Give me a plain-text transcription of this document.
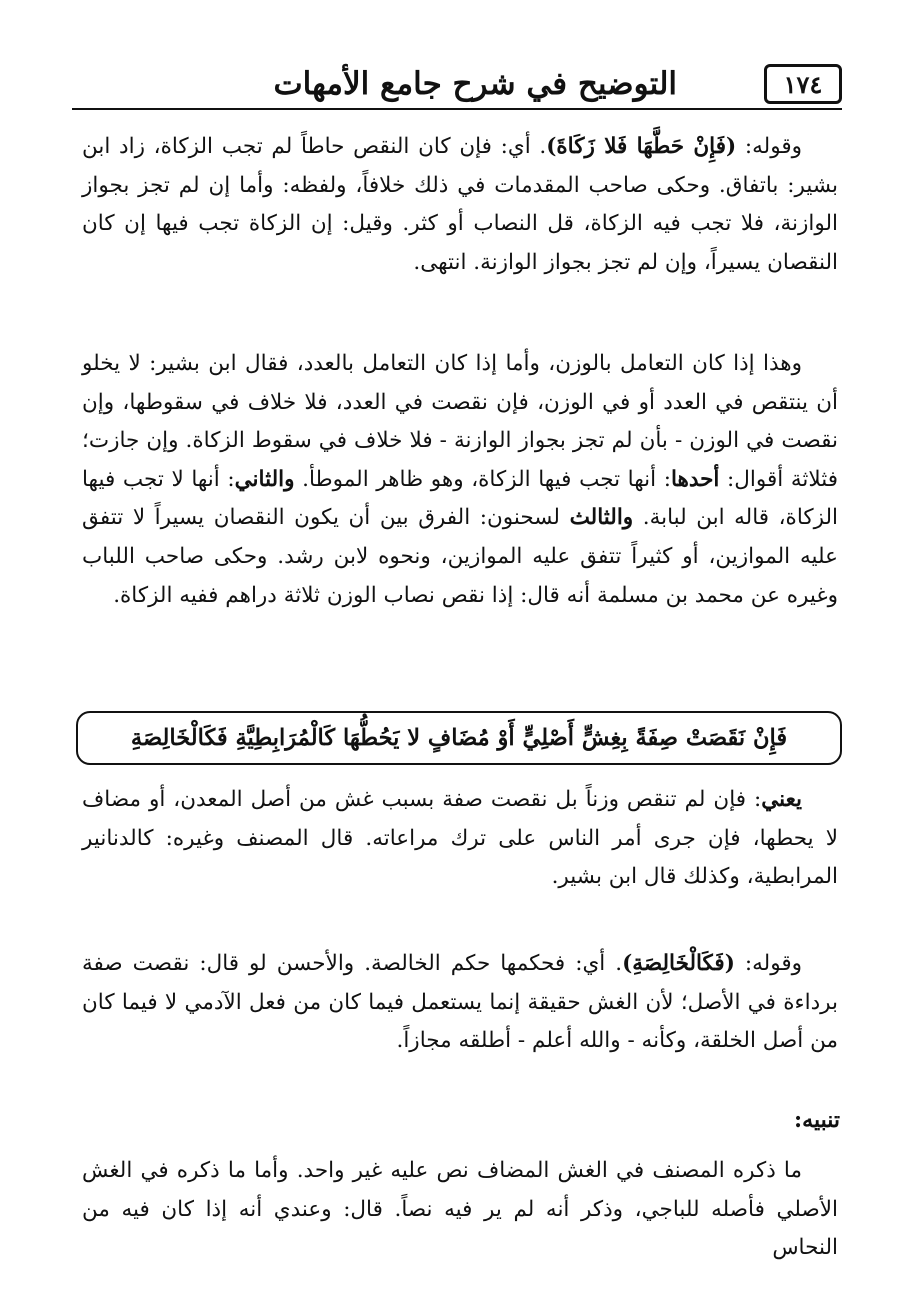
التوضيح في شرح جامع الأمهات	١٧٤

وقوله: (فَإِنْ حَطَّهَا فَلا زَكَاةَ). أي: فإن كان النقص حاطاً لم تجب الزكاة، زاد ابن بشير: باتفاق. وحكى صاحب المقدمات في ذلك خلافاً، ولفظه: وأما إن لم تجز بجواز الوازنة، فلا تجب فيه الزكاة، قل النصاب أو كثر. وقيل: إن الزكاة تجب فيها إن كان النقصان يسيراً، وإن لم تجز بجواز الوازنة. انتهى.

وهذا إذا كان التعامل بالوزن، وأما إذا كان التعامل بالعدد، فقال ابن بشير: لا يخلو أن ينتقص في العدد أو في الوزن، فإن نقصت في العدد، فلا خلاف في سقوطها، وإن نقصت في الوزن - بأن لم تجز بجواز الوازنة - فلا خلاف في سقوط الزكاة. وإن جازت؛ فثلاثة أقوال: أحدها: أنها تجب فيها الزكاة، وهو ظاهر الموطأ. والثاني: أنها لا تجب فيها الزكاة، قاله ابن لبابة. والثالث لسحنون: الفرق بين أن يكون النقصان يسيراً لا تتفق عليه الموازين، أو كثيراً تتفق عليه الموازين، ونحوه لابن رشد. وحكى صاحب اللباب وغيره عن محمد بن مسلمة أنه قال: إذا نقص نصاب الوزن ثلاثة دراهم ففيه الزكاة.

فَإِنْ نَقَصَتْ صِفَةً بِغِشٍّ أَصْلِيٍّ أَوْ مُضَافٍ لا يَحُطُّهَا كَالْمُرَابِطِيَّةِ فَكَالْخَالِصَةِ

يعني: فإن لم تنقص وزناً بل نقصت صفة بسبب غش من أصل المعدن، أو مضاف لا يحطها، فإن جرى أمر الناس على ترك مراعاته. قال المصنف وغيره: كالدنانير المرابطية، وكذلك قال ابن بشير.

وقوله: (فَكَالْخَالِصَةِ). أي: فحكمها حكم الخالصة. والأحسن لو قال: نقصت صفة برداءة في الأصل؛ لأن الغش حقيقة إنما يستعمل فيما كان من فعل الآدمي لا فيما كان من أصل الخلقة، وكأنه - والله أعلم - أطلقه مجازاً.

تنبيه:

ما ذكره المصنف في الغش المضاف نص عليه غير واحد. وأما ما ذكره في الغش الأصلي فأصله للباجي، وذكر أنه لم ير فيه نصاً. قال: وعندي أنه إذا كان فيه من النحاس
